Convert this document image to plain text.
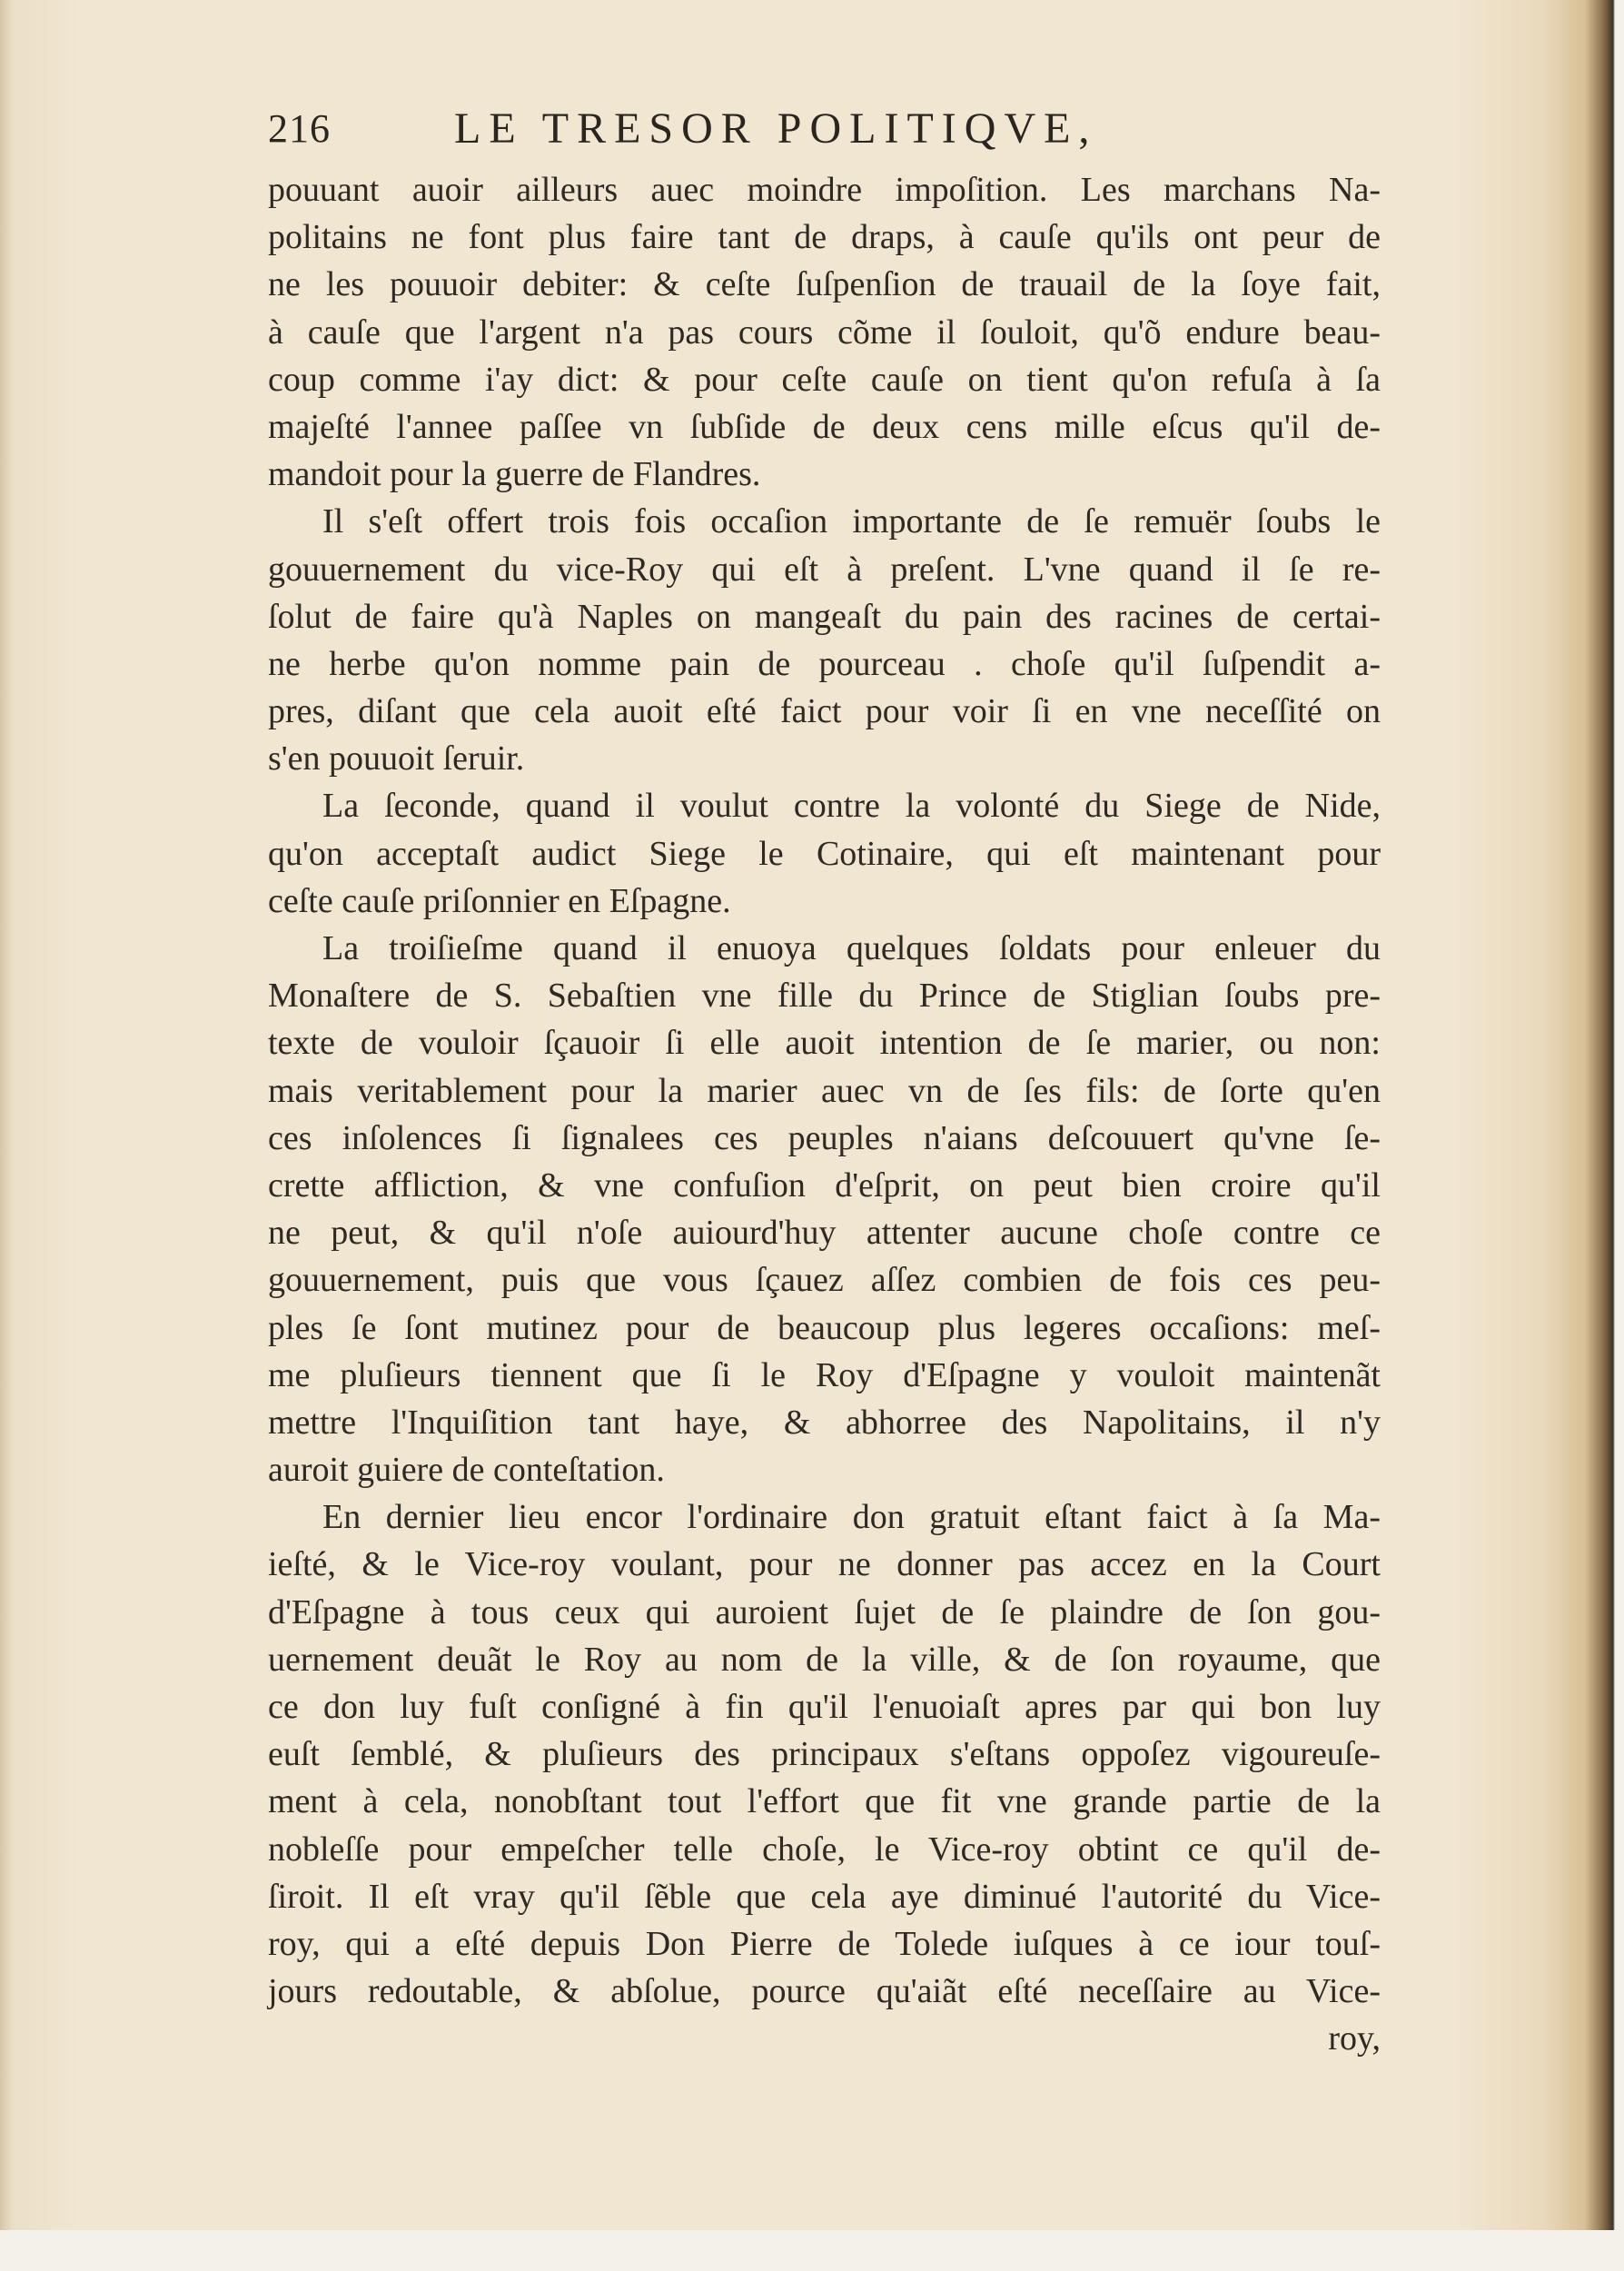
216	LE TRESOR POLITIQVE,
pouuant auoir ailleurs auec moindre impoſition. Les marchans Na-
politains ne font plus faire tant de draps, à cauſe qu'ils ont peur de
ne les pouuoir debiter: & ceſte ſuſpenſion de trauail de la ſoye fait,
à cauſe que l'argent n'a pas cours cõme il ſouloit, qu'õ endure beau-
coup comme i'ay dict: & pour ceſte cauſe on tient qu'on refuſa à ſa
majeſté l'annee paſſee vn ſubſide de deux cens mille eſcus qu'il de-
mandoit pour la guerre de Flandres.
Il s'eſt offert trois fois occaſion importante de ſe remuër ſoubs le
gouuernement du vice-Roy qui eſt à preſent. L'vne quand il ſe re-
ſolut de faire qu'à Naples on mangeaſt du pain des racines de certai-
ne herbe qu'on nomme pain de pourceau . choſe qu'il ſuſpendit a-
pres, diſant que cela auoit eſté faict pour voir ſi en vne neceſſité on
s'en pouuoit ſeruir.
La ſeconde, quand il voulut contre la volonté du Siege de Nide,
qu'on acceptaſt audict Siege le Cotinaire, qui eſt maintenant pour
ceſte cauſe priſonnier en Eſpagne.
La troiſieſme quand il enuoya quelques ſoldats pour enleuer du
Monaſtere de S. Sebaſtien vne fille du Prince de Stiglian ſoubs pre-
texte de vouloir ſçauoir ſi elle auoit intention de ſe marier, ou non:
mais veritablement pour la marier auec vn de ſes fils: de ſorte qu'en
ces inſolences ſi ſignalees ces peuples n'aians deſcouuert qu'vne ſe-
crette affliction, & vne confuſion d'eſprit, on peut bien croire qu'il
ne peut, & qu'il n'oſe auiourd'huy attenter aucune choſe contre ce
gouuernement, puis que vous ſçauez aſſez combien de fois ces peu-
ples ſe ſont mutinez pour de beaucoup plus legeres occaſions: meſ-
me pluſieurs tiennent que ſi le Roy d'Eſpagne y vouloit maintenãt
mettre l'Inquiſition tant haye, & abhorree des Napolitains, il n'y
auroit guiere de conteſtation.
En dernier lieu encor l'ordinaire don gratuit eſtant faict à ſa Ma-
ieſté, & le Vice-roy voulant, pour ne donner pas accez en la Court
d'Eſpagne à tous ceux qui auroient ſujet de ſe plaindre de ſon gou-
uernement deuãt le Roy au nom de la ville, & de ſon royaume, que
ce don luy fuſt conſigné à fin qu'il l'enuoiaſt apres par qui bon luy
euſt ſemblé, & pluſieurs des principaux s'eſtans oppoſez vigoureuſe-
ment à cela, nonobſtant tout l'effort que fit vne grande partie de la
nobleſſe pour empeſcher telle choſe, le Vice-roy obtint ce qu'il de-
ſiroit. Il eſt vray qu'il ſẽble que cela aye diminué l'autorité du Vice-
roy, qui a eſté depuis Don Pierre de Tolede iuſques à ce iour touſ-
jours redoutable, & abſolue, pource qu'aiãt eſté neceſſaire au Vice-
roy,
